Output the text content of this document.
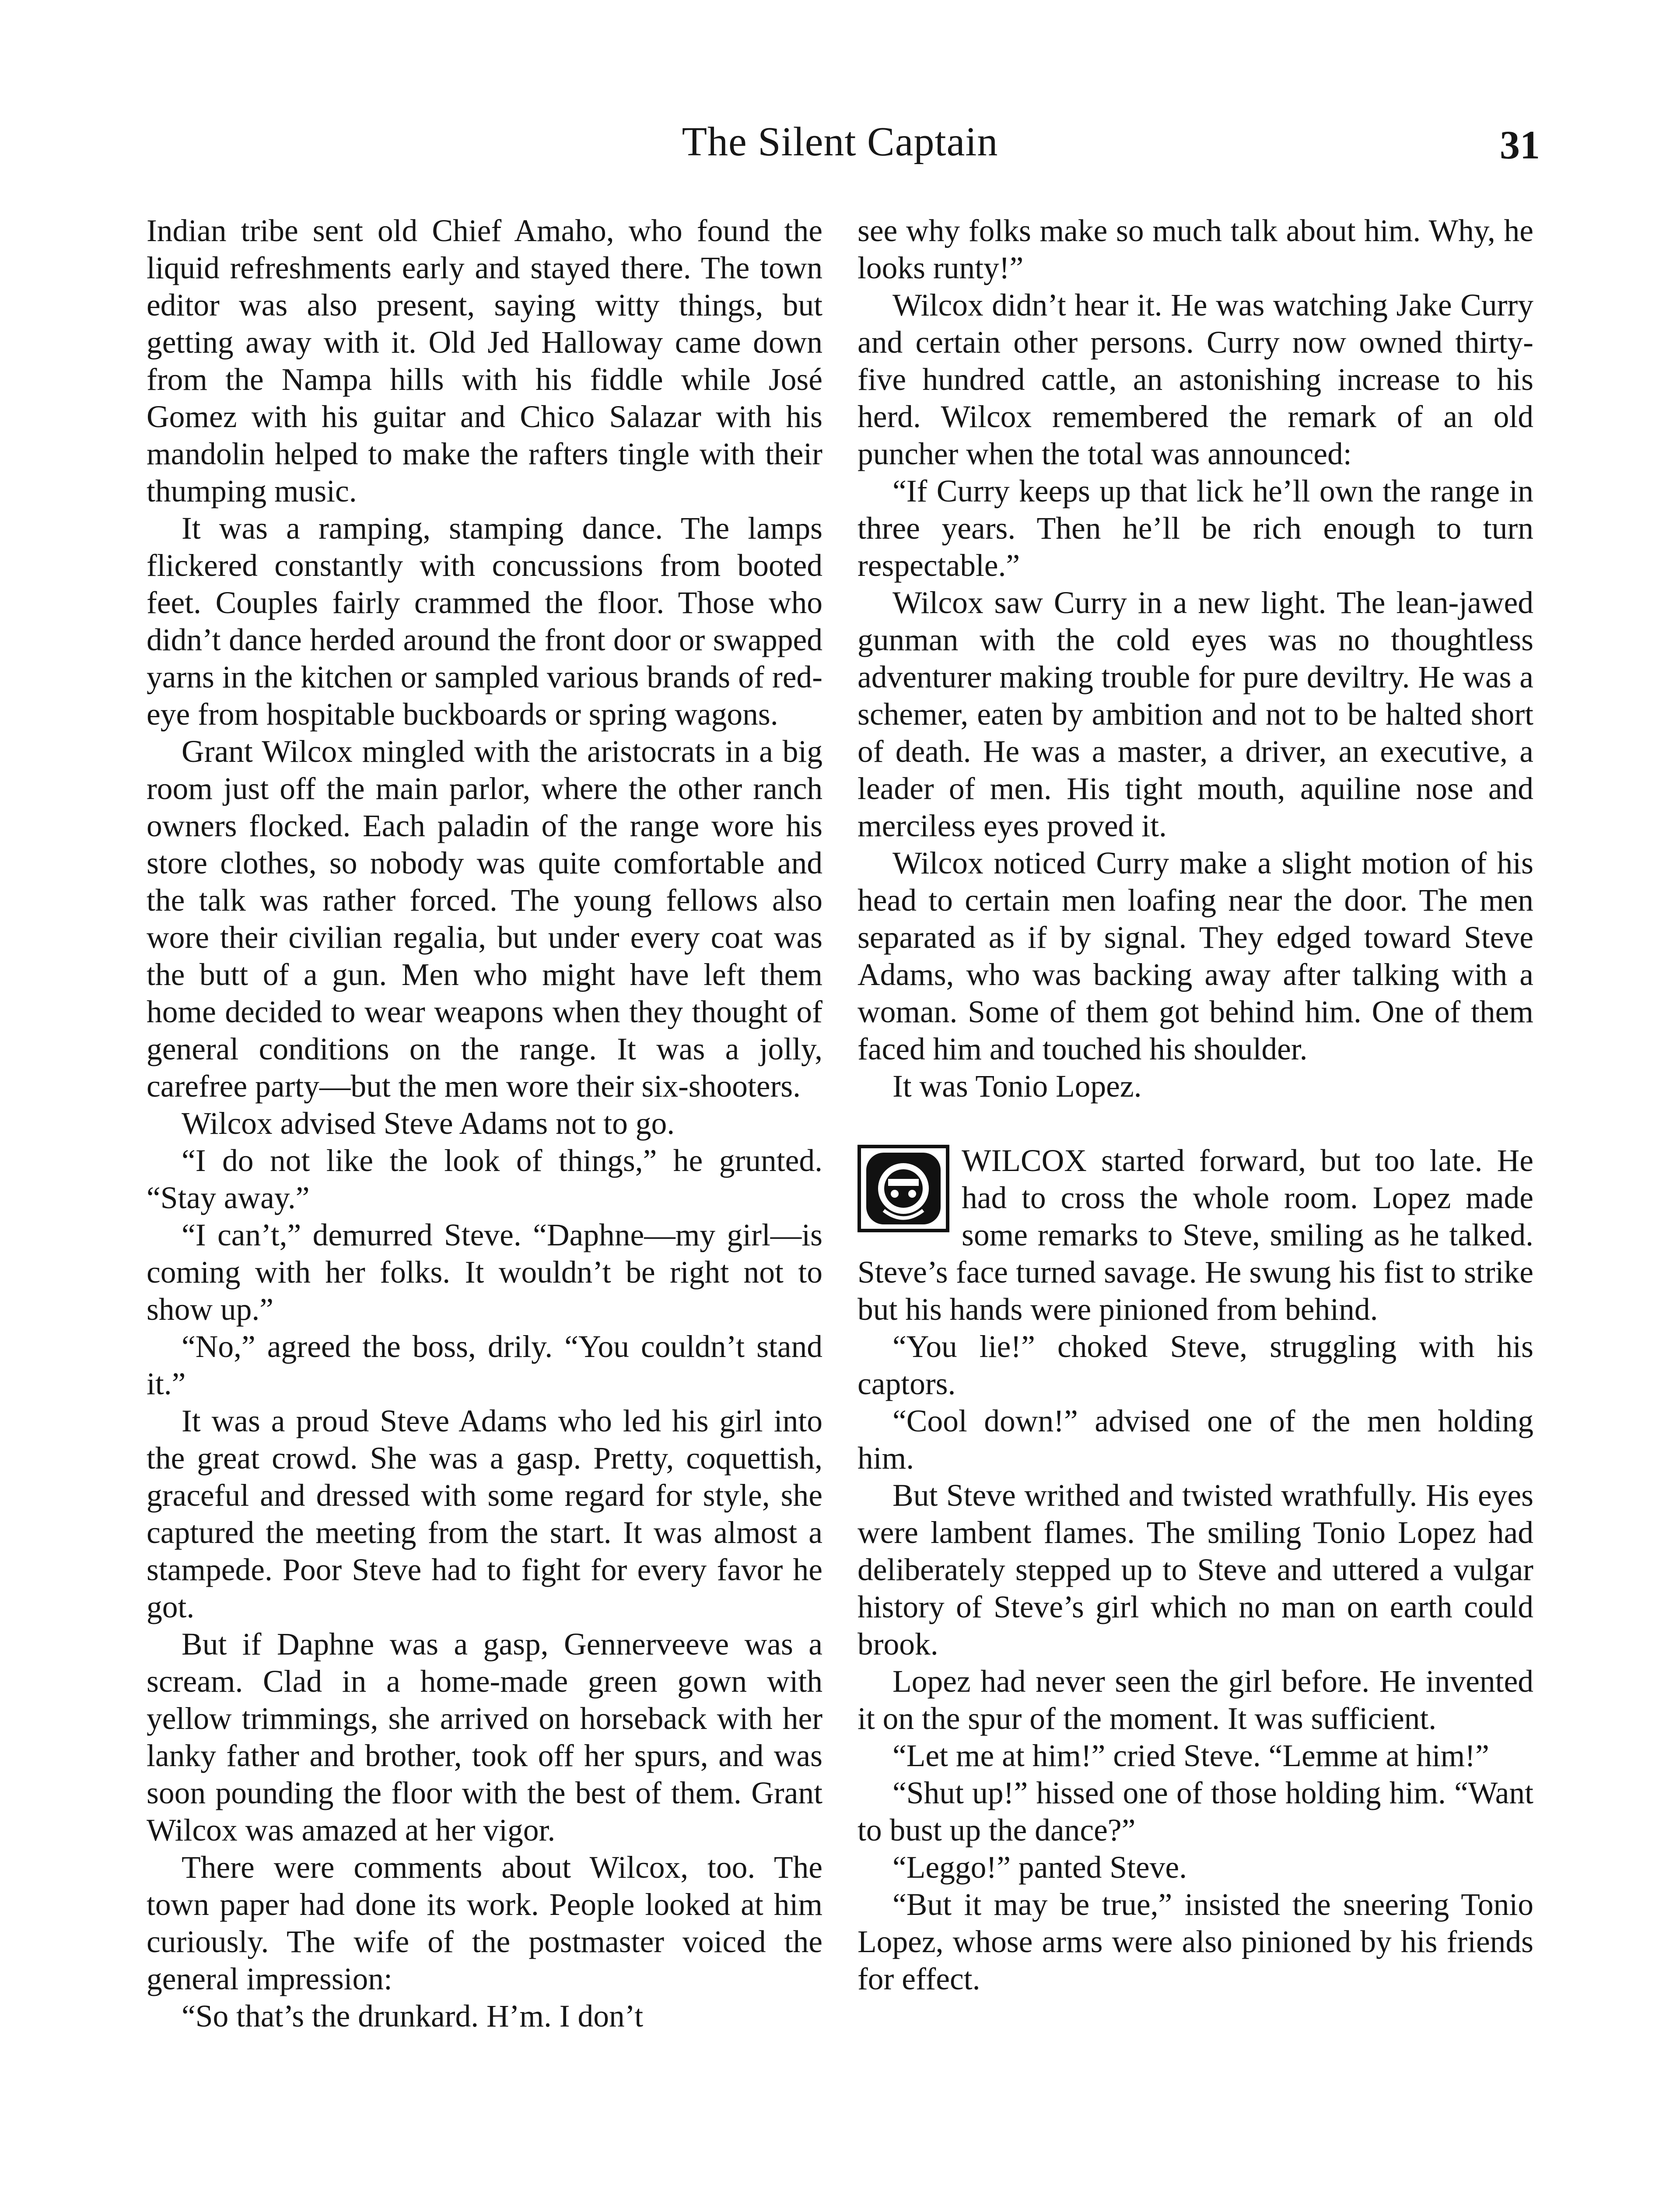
The Silent Captain	31

Indian tribe sent old Chief Amaho, who found the liquid refreshments early and stayed there. The town editor was also present, saying witty things, but getting away with it. Old Jed Halloway came down from the Nampa hills with his fiddle while José Gomez with his guitar and Chico Salazar with his mandolin helped to make the rafters tingle with their thumping music.

It was a ramping, stamping dance. The lamps flickered constantly with concussions from booted feet. Couples fairly crammed the floor. Those who didn’t dance herded around the front door or swapped yarns in the kitchen or sampled various brands of red-eye from hospitable buckboards or spring wagons.

Grant Wilcox mingled with the aristocrats in a big room just off the main parlor, where the other ranch owners flocked. Each paladin of the range wore his store clothes, so nobody was quite comfortable and the talk was rather forced. The young fellows also wore their civilian regalia, but under every coat was the butt of a gun. Men who might have left them home decided to wear weapons when they thought of general conditions on the range. It was a jolly, carefree party—but the men wore their six-shooters.

Wilcox advised Steve Adams not to go.

“I do not like the look of things,” he grunted. “Stay away.”

“I can’t,” demurred Steve. “Daphne—my girl—is coming with her folks. It wouldn’t be right not to show up.”

“No,” agreed the boss, drily. “You couldn’t stand it.”

It was a proud Steve Adams who led his girl into the great crowd. She was a gasp. Pretty, coquettish, graceful and dressed with some regard for style, she captured the meeting from the start. It was almost a stampede. Poor Steve had to fight for every favor he got.

But if Daphne was a gasp, Gennerveeve was a scream. Clad in a home-made green gown with yellow trimmings, she arrived on horseback with her lanky father and brother, took off her spurs, and was soon pounding the floor with the best of them. Grant Wilcox was amazed at her vigor.

There were comments about Wilcox, too. The town paper had done its work. People looked at him curiously. The wife of the postmaster voiced the general impression:

“So that’s the drunkard. H’m. I don’t

see why folks make so much talk about him. Why, he looks runty!”

Wilcox didn’t hear it. He was watching Jake Curry and certain other persons. Curry now owned thirty-five hundred cattle, an astonishing increase to his herd. Wilcox remembered the remark of an old puncher when the total was announced:

“If Curry keeps up that lick he’ll own the range in three years. Then he’ll be rich enough to turn respectable.”

Wilcox saw Curry in a new light. The lean-jawed gunman with the cold eyes was no thoughtless adventurer making trouble for pure deviltry. He was a schemer, eaten by ambition and not to be halted short of death. He was a master, a driver, an executive, a leader of men. His tight mouth, aquiline nose and merciless eyes proved it.

Wilcox noticed Curry make a slight motion of his head to certain men loafing near the door. The men separated as if by signal. They edged toward Steve Adams, who was backing away after talking with a woman. Some of them got behind him. One of them faced him and touched his shoulder.

It was Tonio Lopez.

WILCOX started forward, but too late. He had to cross the whole room. Lopez made some remarks to Steve, smiling as he talked. Steve’s face turned savage. He swung his fist to strike but his hands were pinioned from behind.

“You lie!” choked Steve, struggling with his captors.

“Cool down!” advised one of the men holding him.

But Steve writhed and twisted wrathfully. His eyes were lambent flames. The smiling Tonio Lopez had deliberately stepped up to Steve and uttered a vulgar history of Steve’s girl which no man on earth could brook.

Lopez had never seen the girl before. He invented it on the spur of the moment. It was sufficient.

“Let me at him!” cried Steve. “Lemme at him!”

“Shut up!” hissed one of those holding him. “Want to bust up the dance?”

“Leggo!” panted Steve.

“But it may be true,” insisted the sneering Tonio Lopez, whose arms were also pinioned by his friends for effect.
